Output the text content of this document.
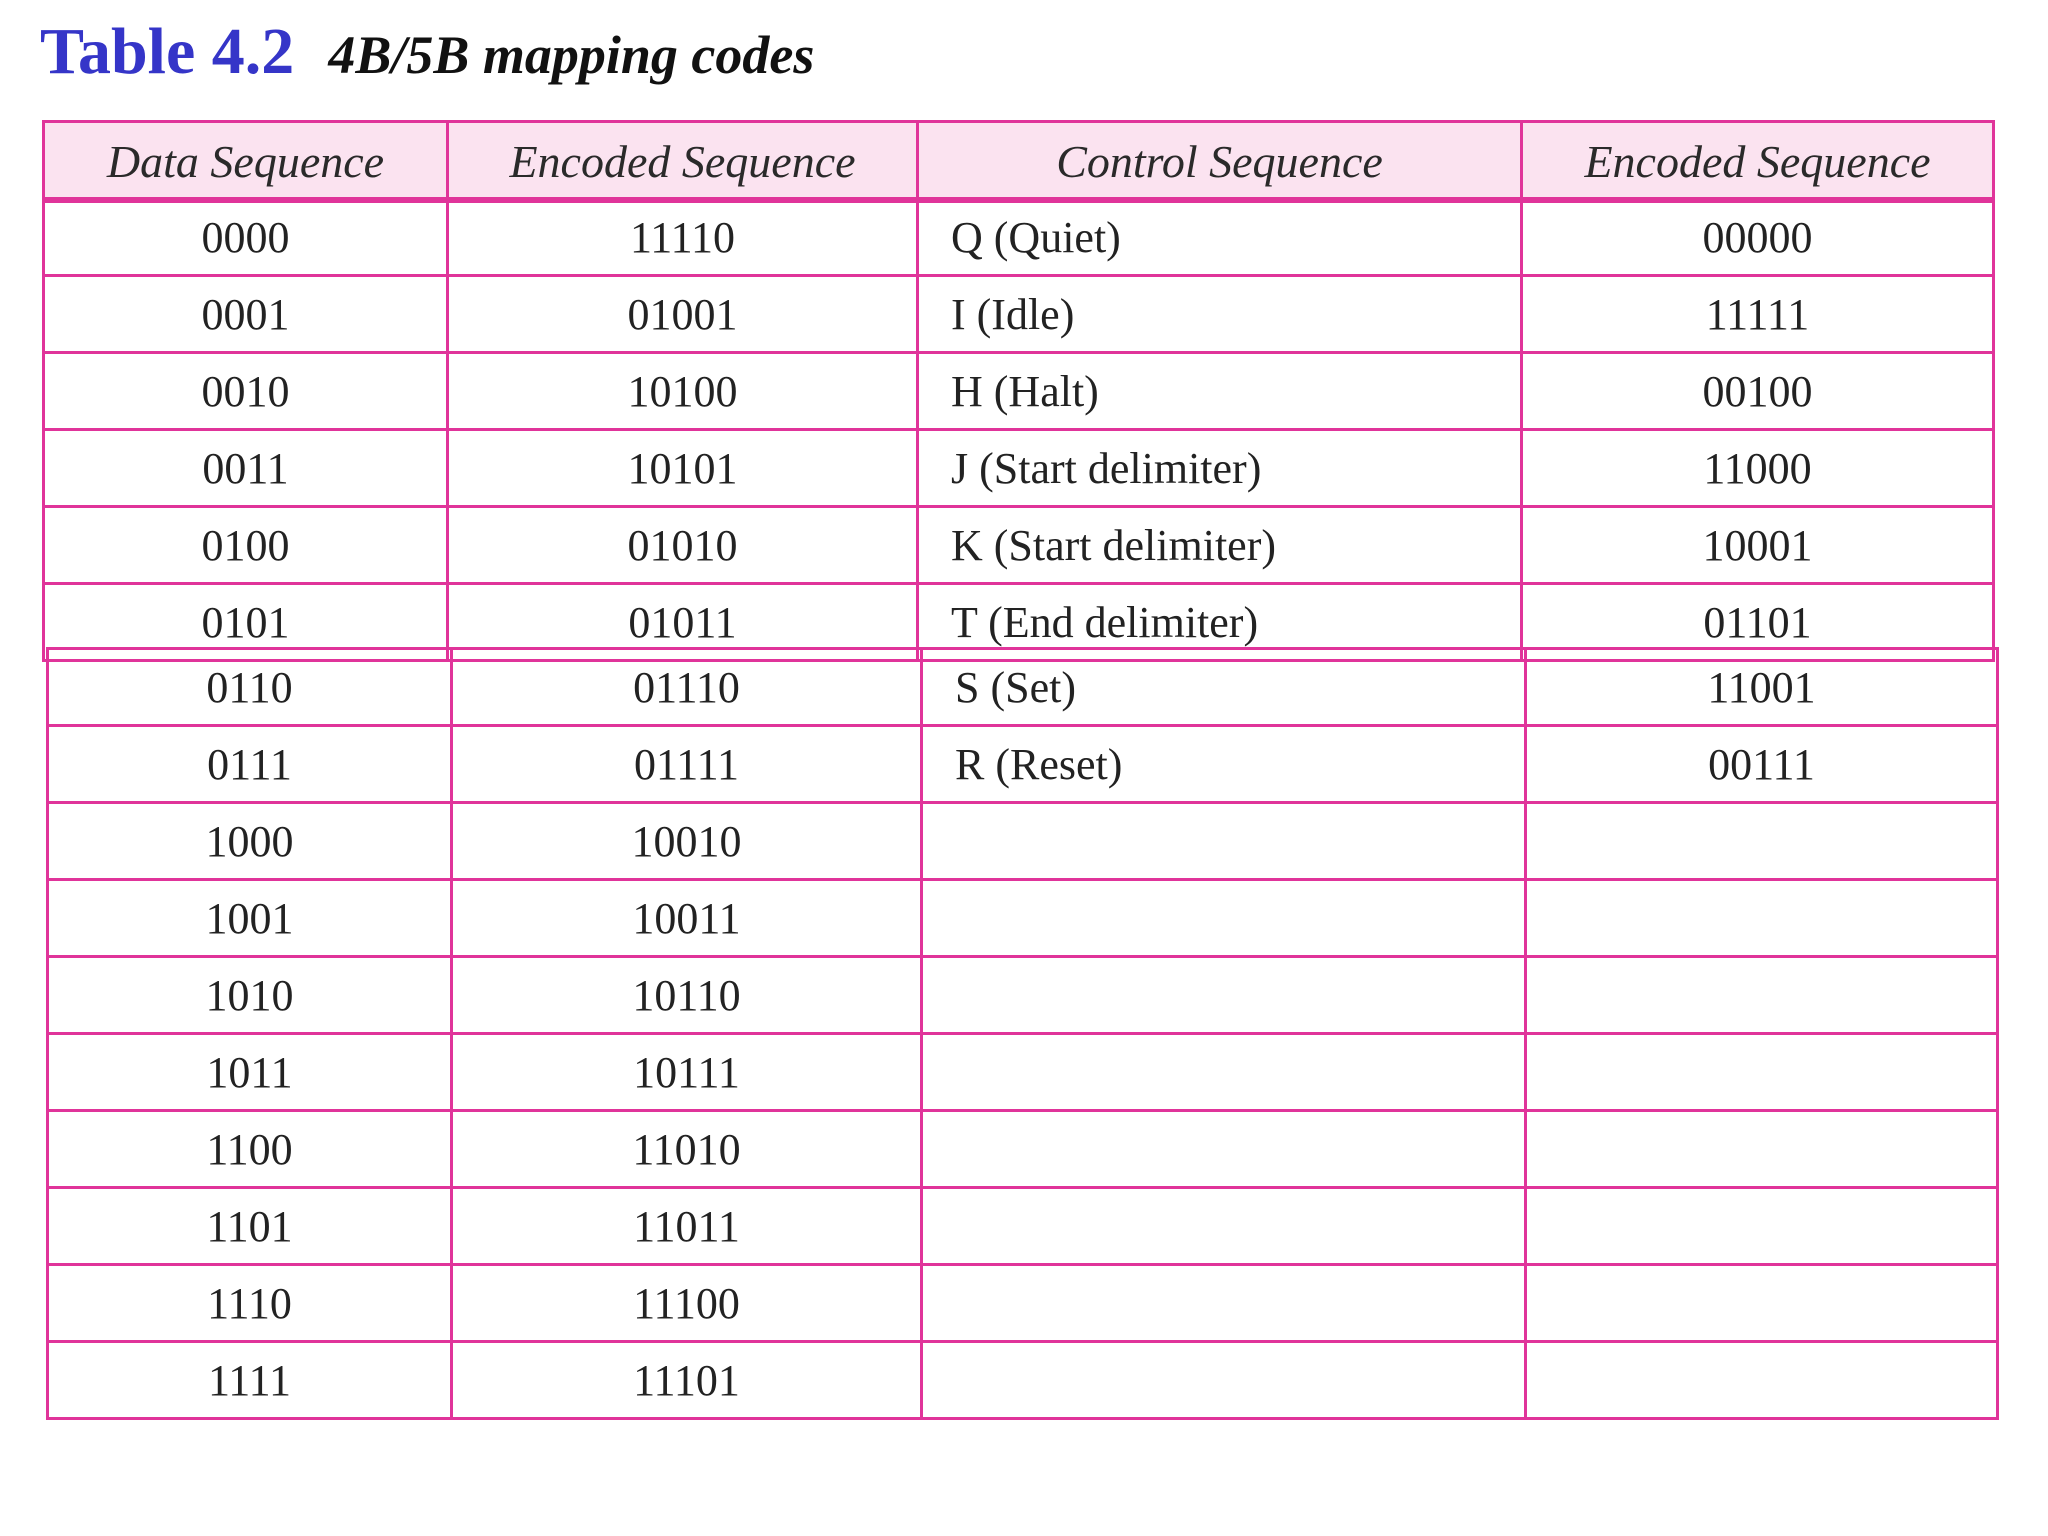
Table 4.2 4B/5B mapping codes
Data Sequence	Encoded Sequence	Control Sequence	Encoded Sequence
0000	11110	Q (Quiet)	00000
0001	01001	I (Idle)	11111
0010	10100	H (Halt)	00100
0011	10101	J (Start delimiter)	11000
0100	01010	K (Start delimiter)	10001
0101	01011	T (End delimiter)	01101
0110	01110	S (Set)	11001
0111	01111	R (Reset)	00111
1000	10010
1001	10011
1010	10110
1011	10111
1100	11010
1101	11011
1110	11100
1111	11101
